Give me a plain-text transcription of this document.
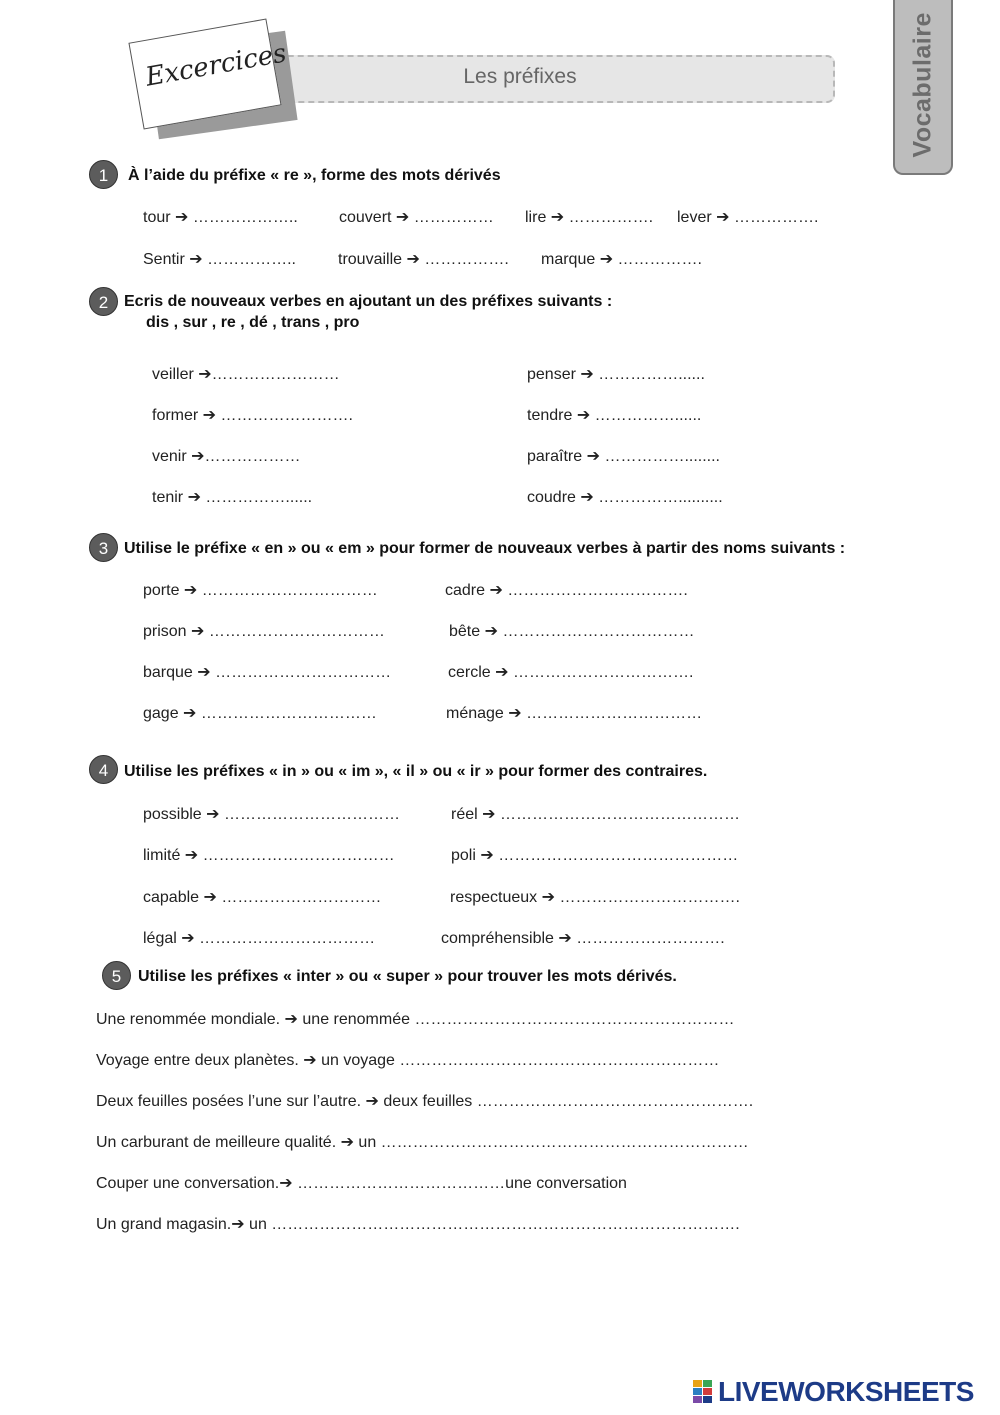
Les préfixes
Excercices	Vocabulaire
1	À l’aide du préfixe « re », forme des mots dérivés
tour ➔ ………………..	couvert ➔ …………… lire ➔ ……………. lever ➔ …………….
Sentir ➔ ……………..	trouvaille ➔ ……………. marque ➔ …………….
2 Ecris de nouveaux verbes en ajoutant un des préfixes suivants :
dis , sur , re , dé , trans , pro
veiller ➔……………………	penser ➔ ……………......
former ➔ …………………….	tendre ➔ ……………......
venir ➔………………	paraître ➔ ……………........
tenir ➔ ……………......	coudre ➔ ……………..........
3 Utilise le préfixe « en » ou « em » pour former de nouveaux verbes à partir des noms suivants :
porte ➔ ……………………………	cadre ➔ …………………………….
prison ➔ ……………………………	bête ➔ ………………………………
barque ➔ ……………………………	cercle ➔ …………………………….
gage ➔ ……………………………	ménage ➔ ……………………………
4 Utilise les préfixes « in » ou « im », « il » ou « ir » pour former des contraires.
possible ➔ ……………………………	réel ➔ ………………………………………
limité ➔ ………………………………	poli ➔ ………………………………………
capable ➔ …………………………	respectueux ➔ …………………………….
légal ➔ ……………………………	compréhensible ➔ ……………………….
5	Utilise les préfixes « inter » ou « super » pour trouver les mots dérivés.
Une renommée mondiale. ➔ une renommée ……………………………………………………
Voyage entre deux planètes. ➔ un voyage ……………………………………………………
Deux feuilles posées l’une sur l’autre. ➔ deux feuilles …………………………………………….
Un carburant de meilleure qualité. ➔ un ……………………………………………………………
Couper une conversation.➔ …………………………………une conversation
Un grand magasin.➔ un …………………………………………………………………………….
LIVEWORKSHEETS
